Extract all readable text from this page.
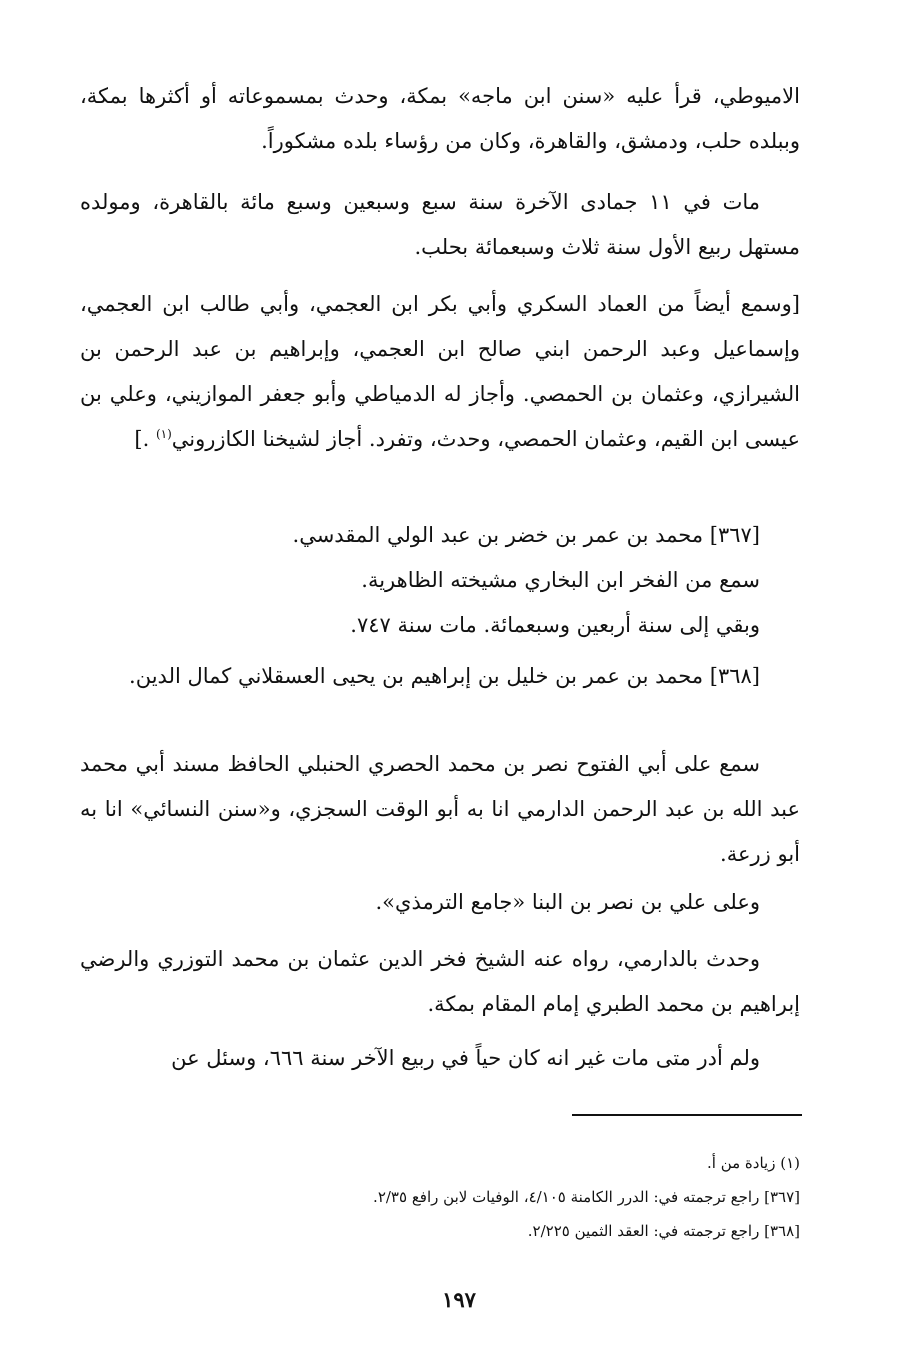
الاميوطي، قرأ عليه «سنن ابن ماجه» بمكة، وحدث بمسموعاته أو أكثرها بمكة، وببلده حلب، ودمشق، والقاهرة، وكان من رؤساء بلده مشكوراً.

مات في ١١ جمادى الآخرة سنة سبع وسبعين وسبع مائة بالقاهرة، ومولده مستهل ربيع الأول سنة ثلاث وسبعمائة بحلب.

[وسمع أيضاً من العماد السكري وأبي بكر ابن العجمي، وأبي طالب ابن العجمي، وإسماعيل وعبد الرحمن ابني صالح ابن العجمي، وإبراهيم بن عبد الرحمن بن الشيرازي، وعثمان بن الحمصي. وأجاز له الدمياطي وأبو جعفر الموازيني، وعلي بن عيسى ابن القيم، وعثمان الحمصي، وحدث، وتفرد. أجاز لشيخنا الكازروني$^{(١)}$ .]

[٣٦٧] محمد بن عمر بن خضر بن عبد الولي المقدسي.
سمع من الفخر ابن البخاري مشيخته الظاهرية.
وبقي إلى سنة أربعين وسبعمائة. مات سنة ٧٤٧.

[٣٦٨] محمد بن عمر بن خليل بن إبراهيم بن يحيى العسقلاني كمال الدين.

سمع على أبي الفتوح نصر بن محمد الحصري الحنبلي الحافظ مسند أبي محمد عبد الله بن عبد الرحمن الدارمي انا به أبو الوقت السجزي، و«سنن النسائي» انا به أبو زرعة.

وعلى علي بن نصر بن البنا «جامع الترمذي».

وحدث بالدارمي، رواه عنه الشيخ فخر الدين عثمان بن محمد التوزري والرضي إبراهيم بن محمد الطبري إمام المقام بمكة.

ولم أدر متى مات غير انه كان حياً في ربيع الآخر سنة ٦٦٦، وسئل عن

(١) زيادة من أ.
[٣٦٧] راجع ترجمته في: الدرر الكامنة ٤/١٠٥، الوفيات لابن رافع ٢/٣٥.
[٣٦٨] راجع ترجمته في: العقد الثمين ٢/٢٢٥.
١٩٧
